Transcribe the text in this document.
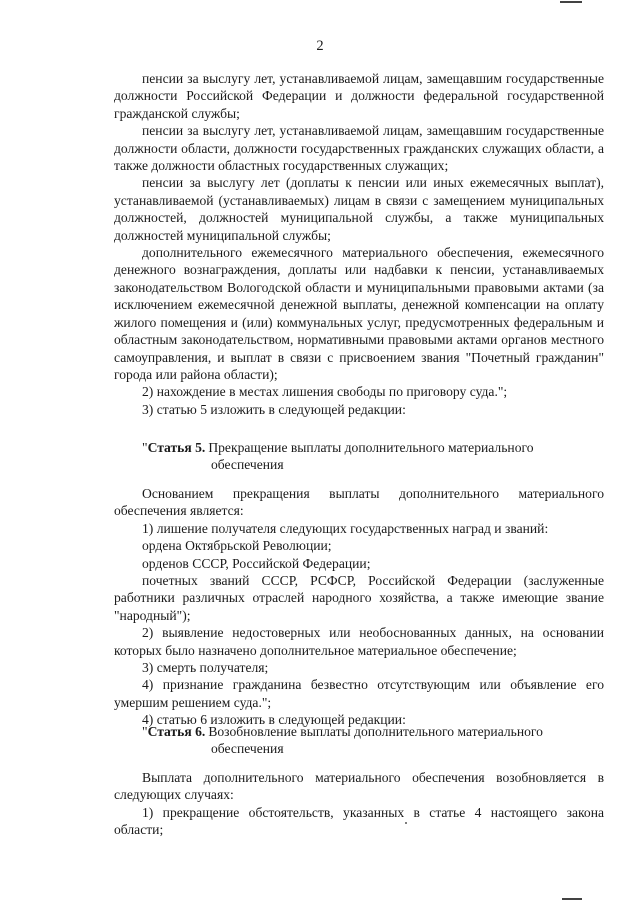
2

пенсии за выслугу лет, устанавливаемой лицам, замещавшим государственные должности Российской Федерации и должности федеральной государственной гражданской службы;

пенсии за выслугу лет, устанавливаемой лицам, замещавшим государственные должности области, должности государственных гражданских служащих области, а также должности областных государственных служащих;

пенсии за выслугу лет (доплаты к пенсии или иных ежемесячных выплат), устанавливаемой (устанавливаемых) лицам в связи с замещением муниципальных должностей, должностей муниципальной службы, а также муниципальных должностей муниципальной службы;

дополнительного ежемесячного материального обеспечения, ежемесячного денежного вознаграждения, доплаты или надбавки к пенсии, устанавливаемых законодательством Вологодской области и муниципальными правовыми актами (за исключением ежемесячной денежной выплаты, денежной компенсации на оплату жилого помещения и (или) коммунальных услуг, предусмотренных федеральным и областным законодательством, нормативными правовыми актами органов местного самоуправления, и выплат в связи с присвоением звания "Почетный гражданин" города или района области);

2) нахождение в местах лишения свободы по приговору суда.";

3) статью 5 изложить в следующей редакции:

" Статья 5. Прекращение выплаты дополнительного материального
обеспечения

Основанием прекращения выплаты дополнительного материального обеспечения является:

1) лишение получателя следующих государственных наград и званий:

ордена Октябрьской Революции;

орденов СССР, Российской Федерации;

почетных званий СССР, РСФСР, Российской Федерации (заслуженные работники различных отраслей народного хозяйства, а также имеющие звание "народный");

2) выявление недостоверных или необоснованных данных, на основании которых было назначено дополнительное материальное обеспечение;

3) смерть получателя;

4) признание гражданина безвестно отсутствующим или объявление его умершим решением суда.";

4) статью 6 изложить в следующей редакции:

" Статья 6. Возобновление выплаты дополнительного материального
обеспечения

Выплата дополнительного материального обеспечения возобновляется в следующих случаях:

1) прекращение обстоятельств, указанных в статье 4 настоящего закона области;
